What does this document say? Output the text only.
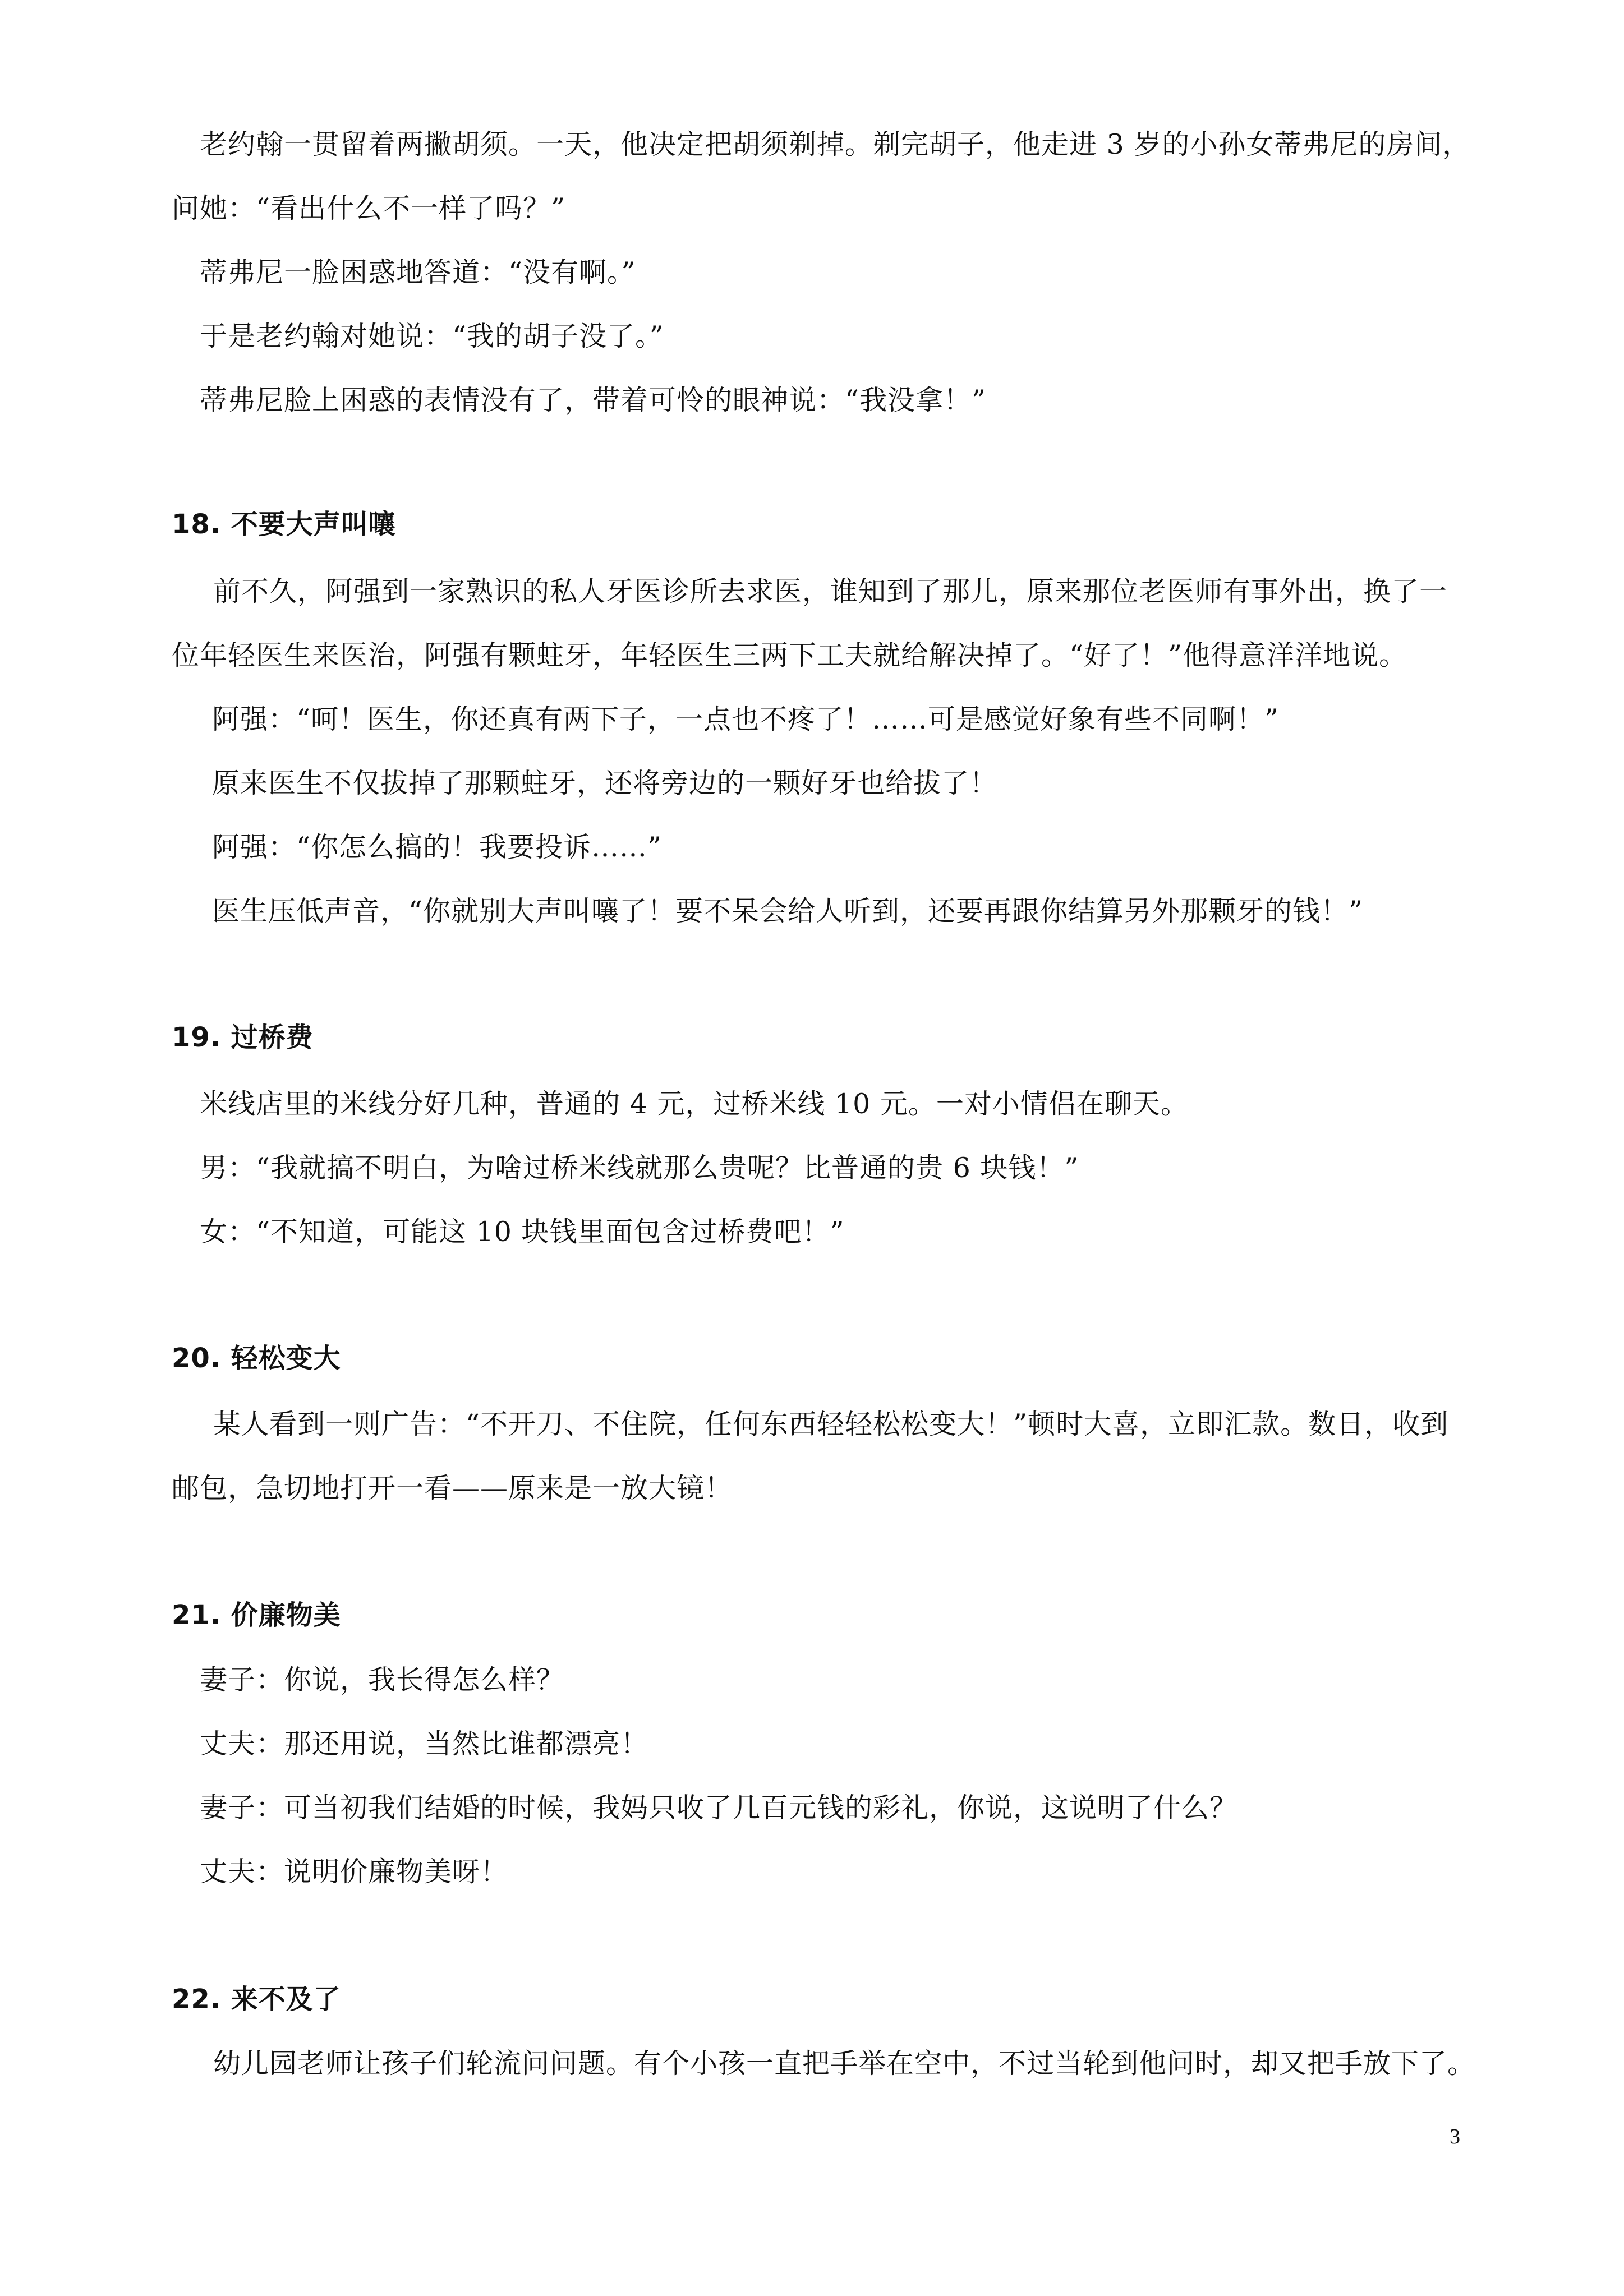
老约翰一贯留着两撇胡须。一天，他决定把胡须剃掉。剃完胡子，他走进 3 岁的小孙女蒂弗尼的房间，
问她：“看出什么不一样了吗？”
蒂弗尼一脸困惑地答道：“没有啊。”
于是老约翰对她说：“我的胡子没了。”
蒂弗尼脸上困惑的表情没有了，带着可怜的眼神说：“我没拿！”
18. 不要大声叫嚷
前不久，阿强到一家熟识的私人牙医诊所去求医，谁知到了那儿，原来那位老医师有事外出，换了一
位年轻医生来医治，阿强有颗蛀牙，年轻医生三两下工夫就给解决掉了。“好了！”他得意洋洋地说。
阿强：“呵！医生，你还真有两下子，一点也不疼了！……可是感觉好象有些不同啊！”
原来医生不仅拔掉了那颗蛀牙，还将旁边的一颗好牙也给拔了！
阿强：“你怎么搞的！我要投诉……”
医生压低声音，“你就别大声叫嚷了！要不呆会给人听到，还要再跟你结算另外那颗牙的钱！”
19. 过桥费
米线店里的米线分好几种，普通的 4 元，过桥米线 10 元。一对小情侣在聊天。
男：“我就搞不明白，为啥过桥米线就那么贵呢？比普通的贵 6 块钱！”
女：“不知道，可能这 10 块钱里面包含过桥费吧！”
20. 轻松变大
某人看到一则广告：“不开刀、不住院，任何东西轻轻松松变大！”顿时大喜，立即汇款。数日，收到
邮包，急切地打开一看——原来是一放大镜！
21. 价廉物美
妻子：你说，我长得怎么样？
丈夫：那还用说，当然比谁都漂亮！
妻子：可当初我们结婚的时候，我妈只收了几百元钱的彩礼，你说，这说明了什么？
丈夫：说明价廉物美呀！
22. 来不及了
幼儿园老师让孩子们轮流问问题。有个小孩一直把手举在空中，不过当轮到他问时，却又把手放下了。
3
